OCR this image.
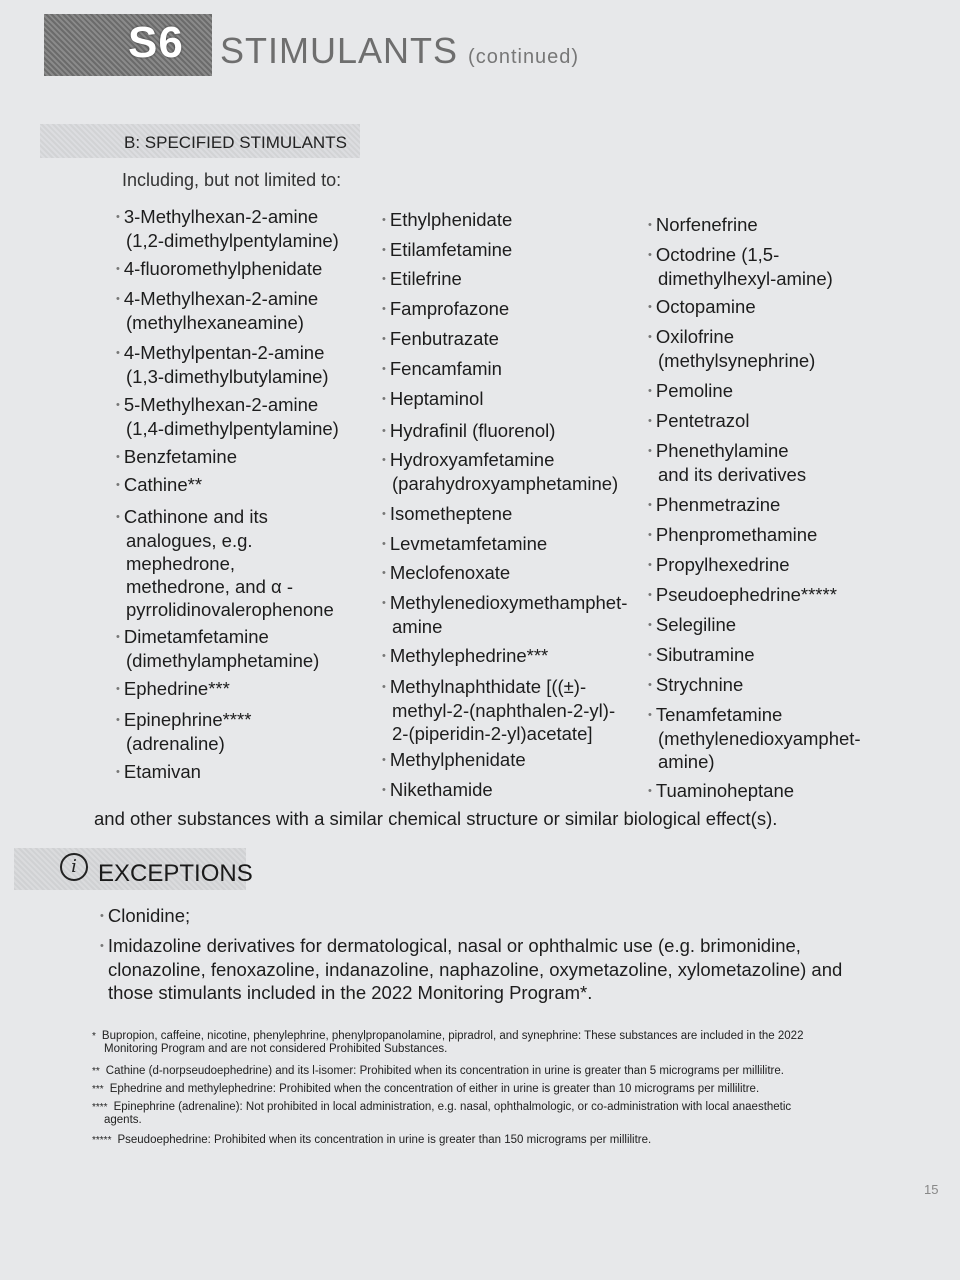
S6 STIMULANTS (continued)
B: SPECIFIED STIMULANTS
Including, but not limited to:
• 3-Methylhexan-2-amine
(1,2-dimethylpentylamine)
• 4-fluoromethylphenidate
• 4-Methylhexan-2-amine
(methylhexaneamine)
• 4-Methylpentan-2-amine
(1,3-dimethylbutylamine)
• 5-Methylhexan-2-amine
(1,4-dimethylpentylamine)
• Benzfetamine
• Cathine**
• Cathinone and its
analogues, e.g.
mephedrone,
methedrone, and α -
pyrrolidinovalerophenone
• Dimetamfetamine
(dimethylamphetamine)
• Ephedrine***
• Epinephrine****
(adrenaline)
• Etamivan
• Ethylphenidate
• Etilamfetamine
• Etilefrine
• Famprofazone
• Fenbutrazate
• Fencamfamin
• Heptaminol
• Hydrafinil (fluorenol)
• Hydroxyamfetamine
(parahydroxyamphetamine)
• Isometheptene
• Levmetamfetamine
• Meclofenoxate
• Methylenedioxymethamphet-
amine
• Methylephedrine***
• Methylnaphthidate [((±)-
methyl-2-(naphthalen-2-yl)-
2-(piperidin-2-yl)acetate]
• Methylphenidate
• Nikethamide
• Norfenefrine
• Octodrine (1,5-
dimethylhexyl-amine)
• Octopamine
• Oxilofrine
(methylsynephrine)
• Pemoline
• Pentetrazol
• Phenethylamine
and its derivatives
• Phenmetrazine
• Phenpromethamine
• Propylhexedrine
• Pseudoephedrine*****
• Selegiline
• Sibutramine
• Strychnine
• Tenamfetamine
(methylenedioxyamphet-
amine)
• Tuaminoheptane
and other substances with a similar chemical structure or similar biological effect(s).
i EXCEPTIONS
• Clonidine;
• Imidazoline derivatives for dermatological, nasal or ophthalmic use (e.g. brimonidine,
clonazoline, fenoxazoline, indanazoline, naphazoline, oxymetazoline, xylometazoline) and
those stimulants included in the 2022 Monitoring Program*.
* Bupropion, caffeine, nicotine, phenylephrine, phenylpropanolamine, pipradrol, and synephrine: These substances are included in the 2022
Monitoring Program and are not considered Prohibited Substances.
** Cathine (d-norpseudoephedrine) and its l-isomer: Prohibited when its concentration in urine is greater than 5 micrograms per millilitre.
*** Ephedrine and methylephedrine: Prohibited when the concentration of either in urine is greater than 10 micrograms per millilitre.
**** Epinephrine (adrenaline): Not prohibited in local administration, e.g. nasal, ophthalmologic, or co-administration with local anaesthetic
agents.
***** Pseudoephedrine: Prohibited when its concentration in urine is greater than 150 micrograms per millilitre.
15
